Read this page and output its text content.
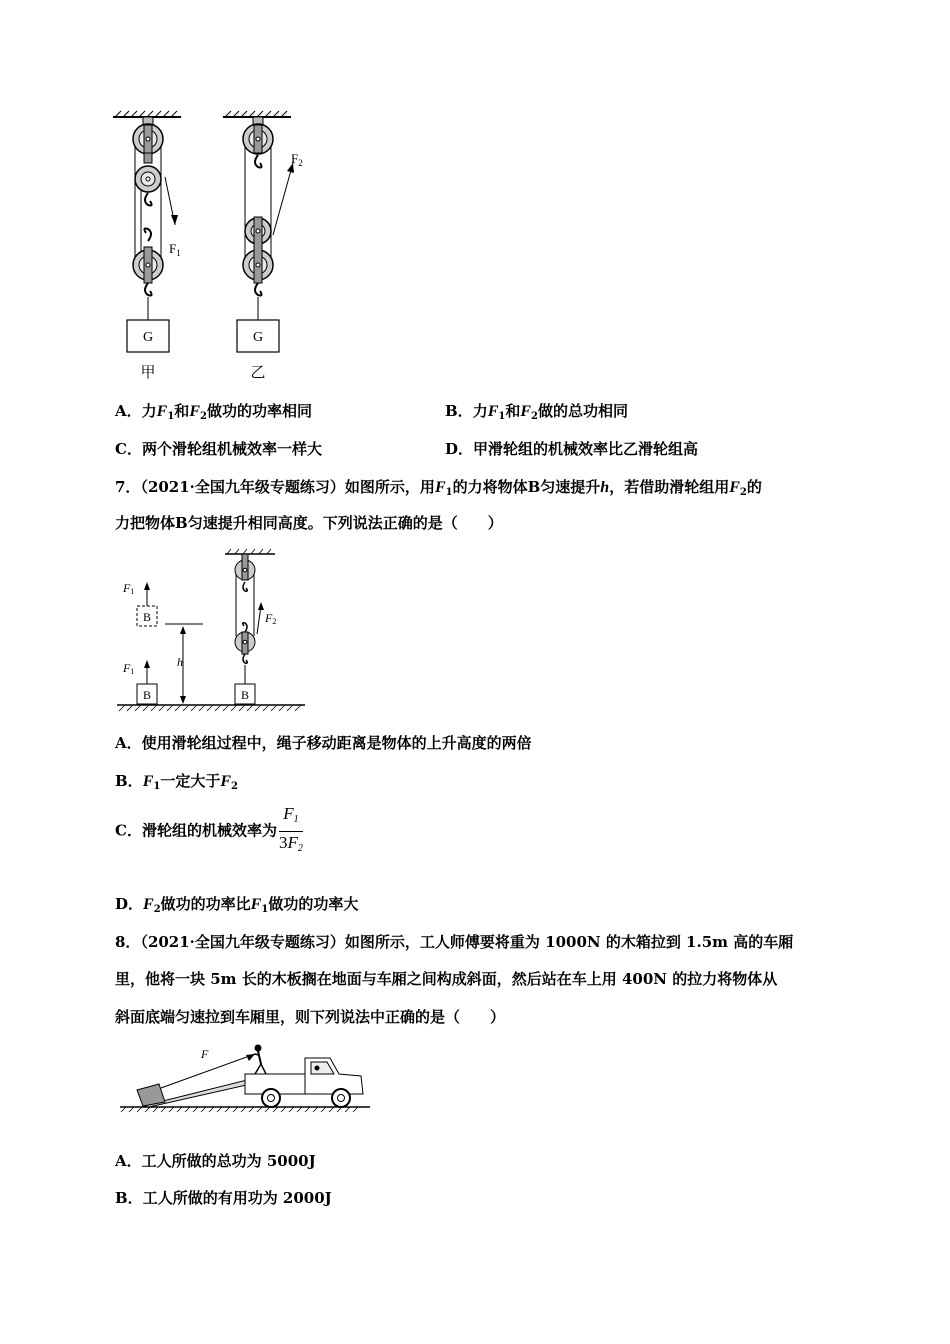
G	G
甲	乙
$F_1$
$F_2$
A．力$F_1$和$F_2$做功的功率相同	B．力$F_1$和$F_2$做的总功相同
C．两个滑轮组机械效率一样大	D．甲滑轮组的机械效率比乙滑轮组高
7．（2021·全国九年级专题练习）如图所示，用$F_1$的力将物体B匀速提升h，若借助滑轮组用$F_2$的
力把物体B匀速提升相同高度。下列说法正确的是（　　）
B
F1
B
F1
h
B
F2
A．使用滑轮组过程中，绳子移动距离是物体的上升高度的两倍
B．$F_1$一定大于$F_2$
C．滑轮组的机械效率为 $\frac{F_1}{3F_2}$
D．$F_2$做功的功率比$F_1$做功的功率大
8．（2021·全国九年级专题练习）如图所示，工人师傅要将重为 1000N 的木箱拉到 1.5m 高的车厢
里，他将一块 5m 长的木板搁在地面与车厢之间构成斜面，然后站在车上用 400N 的拉力将物体从
斜面底端匀速拉到车厢里，则下列说法中正确的是（　　）
F
A．工人所做的总功为 5000J
B．工人所做的有用功为 2000J
